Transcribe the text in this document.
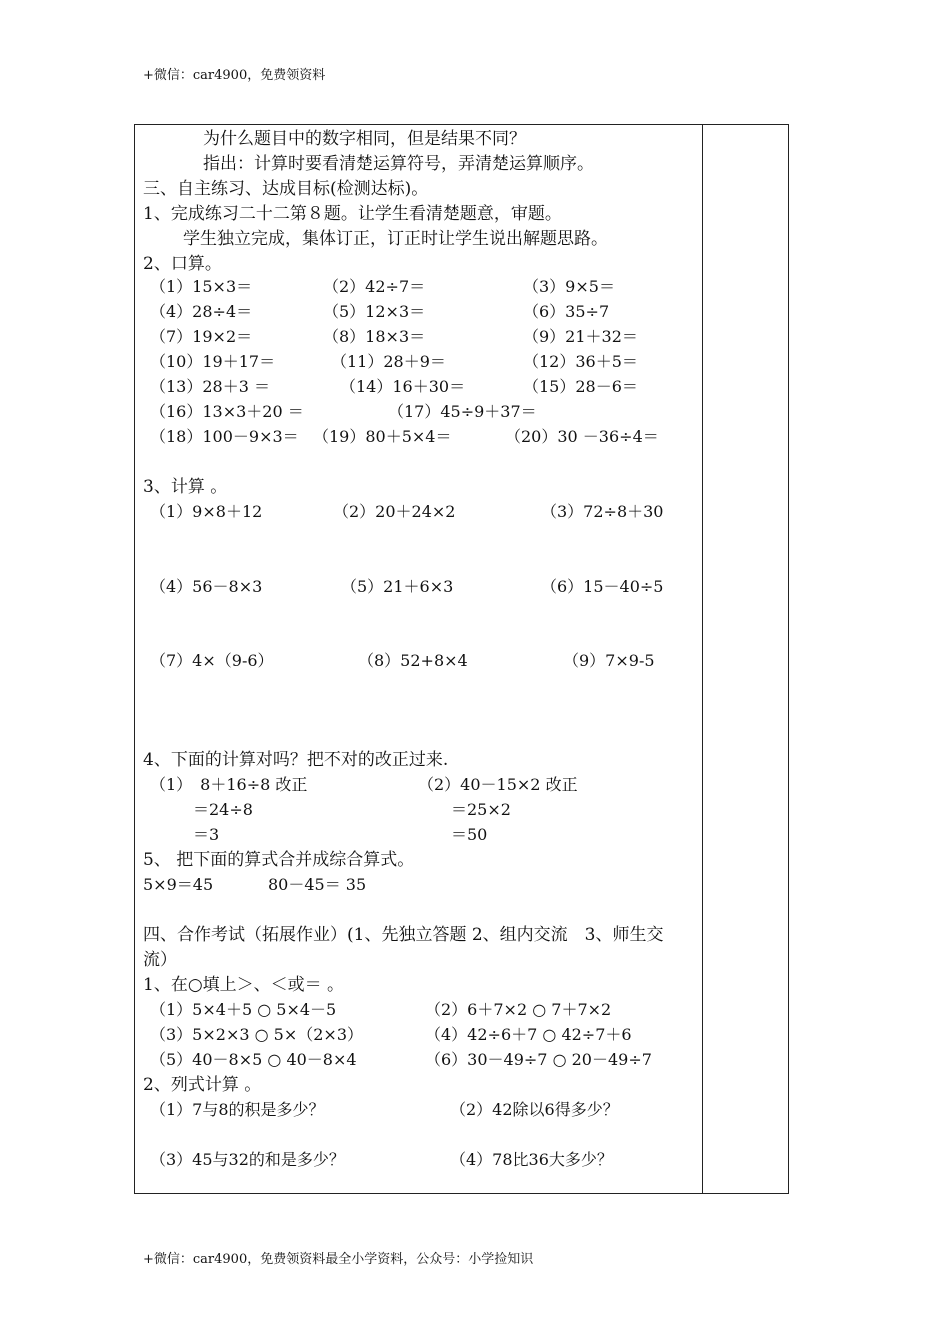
+微信：car4900，免费领资料
为什么题目中的数字相同，但是结果不同？
指出：计算时要看清楚运算符号，弄清楚运算顺序。
三、自主练习、达成目标(检测达标)。
1、完成练习二十二第８题。让学生看清楚题意，审题。
学生独立完成，集体订正，订正时让学生说出解题思路。
2、口算。
（1）15×3＝	（2）42÷7＝	（3）9×5＝
（4）28÷4＝	（5）12×3＝	（6）35÷7
（7）19×2＝	（8）18×3＝	（9）21＋32＝
（10）19＋17＝	（11）28＋9＝	（12）36＋5＝
（13）28＋3 ＝	（14）16＋30＝	（15）28－6＝
（16）13×3＋20 ＝	（17）45÷9＋37＝
（18）100－9×3＝ （19）80＋5×4＝	（20）30 －36÷4＝
3、计算 。
（1）9×8＋12	（2）20＋24×2	（3）72÷8＋30
（4）56－8×3	（5）21＋6×3	（6）15－40÷5
（7）4×（9-6）	（8）52+8×4	（9）7×9-5
4、下面的计算对吗？把不对的改正过来.
（1）　8＋16÷8 改正
＝24÷8
＝3
（2）40－15×2 改正
＝25×2
＝50
5、 把下面的算式合并成综合算式。
5×9＝45	80－45＝ 35
四、合作考试（拓展作业）(1、先独立答题 2、组内交流　3、师生交
流）
1、在○填上＞、＜或＝ 。
（1）5×4＋5 ○ 5×4－5	（2）6＋7×2 ○ 7＋7×2
（3）5×2×3 ○ 5×（2×3）	（4）42÷6＋7 ○ 42÷7＋6
（5）40－8×5 ○ 40－8×4	（6）30－49÷7 ○ 20－49÷7
2、列式计算 。
（1）7与8的积是多少？	（2）42除以6得多少？
（3）45与32的和是多少？	（4）78比36大多少？
+微信：car4900，免费领资料最全小学资料，公众号：小学捡知识
